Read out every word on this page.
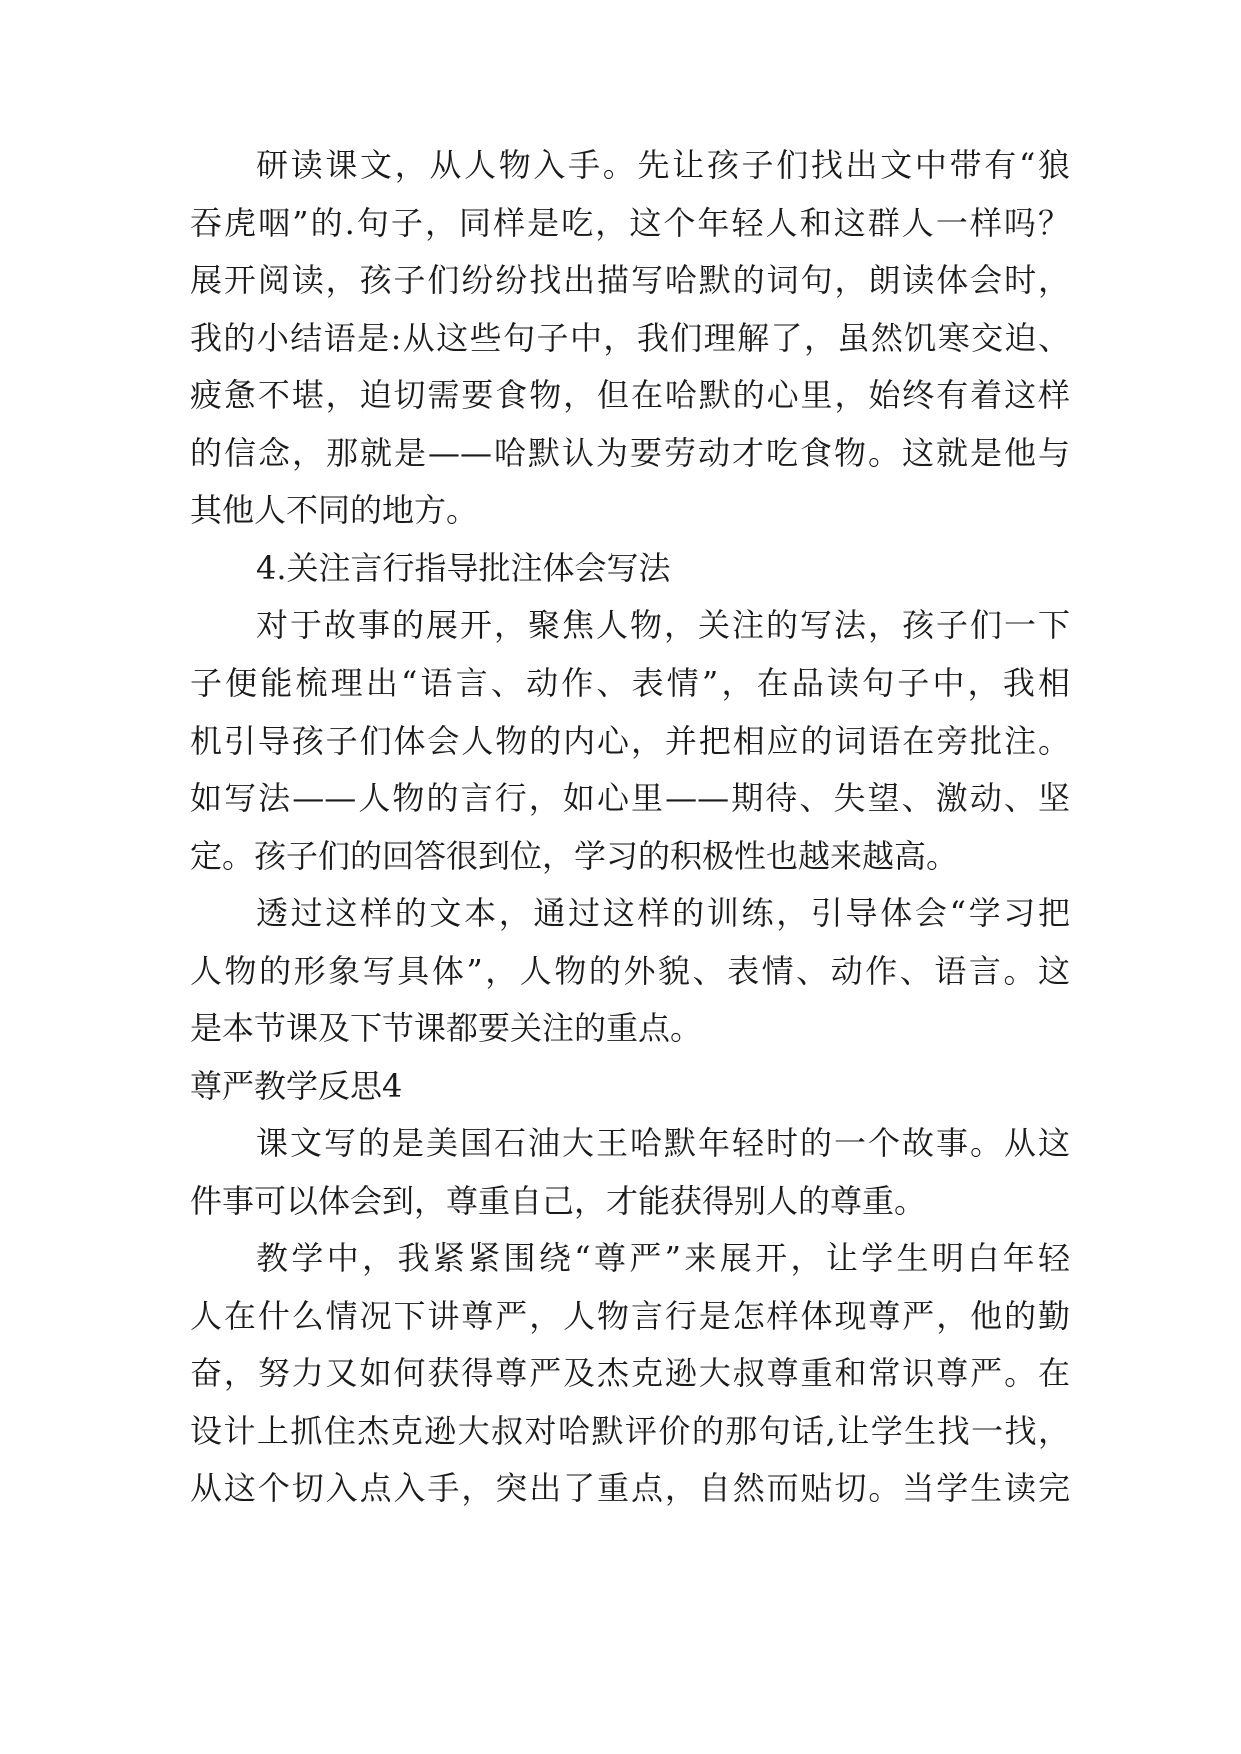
研读课文，从人物入手。先让孩子们找出文中带有“狼
吞虎咽”的.句子，同样是吃，这个年轻人和这群人一样吗？
展开阅读，孩子们纷纷找出描写哈默的词句，朗读体会时，
我的小结语是:从这些句子中，我们理解了，虽然饥寒交迫、
疲惫不堪，迫切需要食物，但在哈默的心里，始终有着这样
的信念，那就是——哈默认为要劳动才吃食物。这就是他与
其他人不同的地方。
4.关注言行指导批注体会写法
对于故事的展开，聚焦人物，关注的写法，孩子们一下
子便能梳理出“语言、动作、表情”，在品读句子中，我相
机引导孩子们体会人物的内心，并把相应的词语在旁批注。
如写法——人物的言行，如心里——期待、失望、激动、坚
定。孩子们的回答很到位，学习的积极性也越来越高。
透过这样的文本，通过这样的训练，引导体会“学习把
人物的形象写具体”，人物的外貌、表情、动作、语言。这
是本节课及下节课都要关注的重点。
尊严教学反思4
课文写的是美国石油大王哈默年轻时的一个故事。从这
件事可以体会到，尊重自己，才能获得别人的尊重。
教学中，我紧紧围绕“尊严”来展开，让学生明白年轻
人在什么情况下讲尊严，人物言行是怎样体现尊严，他的勤
奋，努力又如何获得尊严及杰克逊大叔尊重和常识尊严。在
设计上抓住杰克逊大叔对哈默评价的那句话,让学生找一找，
从这个切入点入手，突出了重点，自然而贴切。当学生读完
